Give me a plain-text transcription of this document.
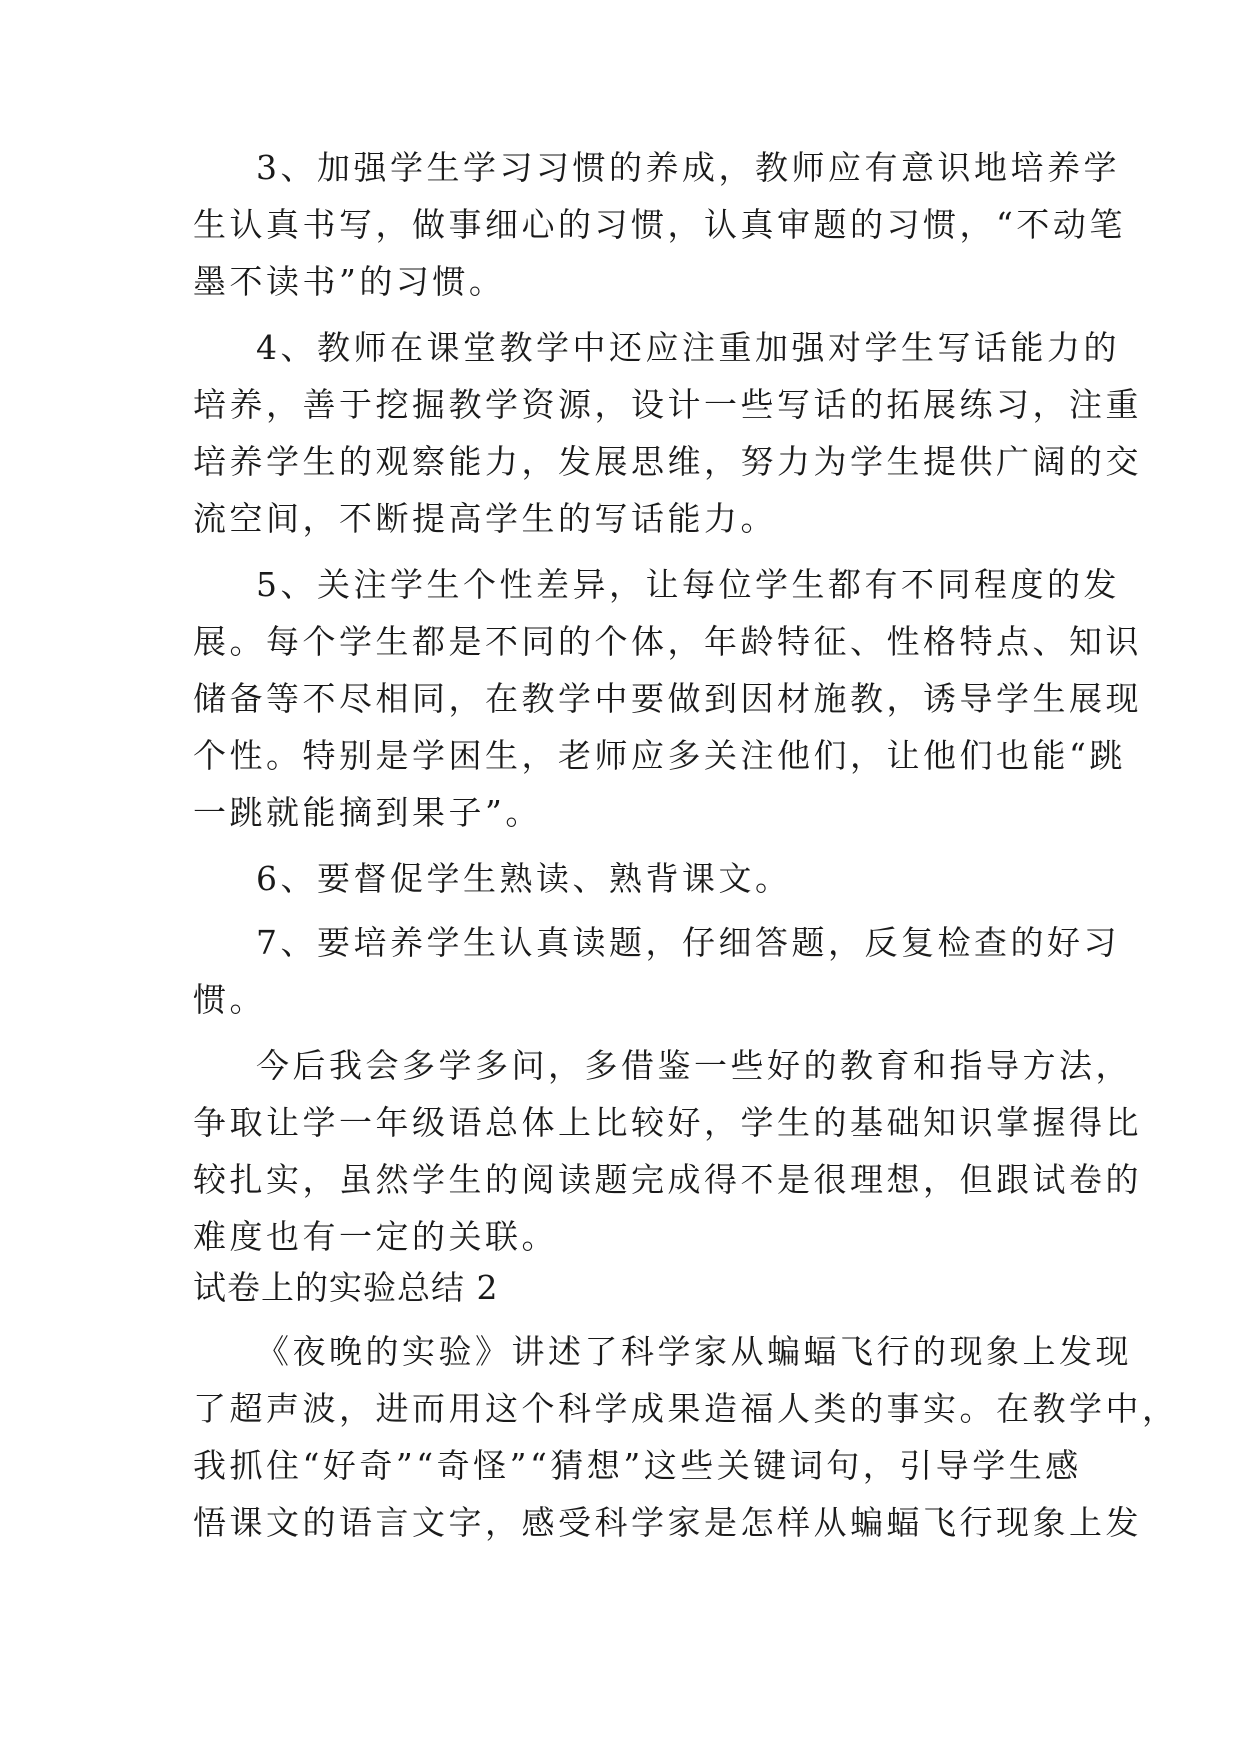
3、加强学生学习习惯的养成，教师应有意识地培养学
生认真书写，做事细心的习惯，认真审题的习惯，“不动笔
墨不读书”的习惯。
4、教师在课堂教学中还应注重加强对学生写话能力的
培养，善于挖掘教学资源，设计一些写话的拓展练习，注重
培养学生的观察能力，发展思维，努力为学生提供广阔的交
流空间，不断提高学生的写话能力。
5、关注学生个性差异，让每位学生都有不同程度的发
展。每个学生都是不同的个体，年龄特征、性格特点、知识
储备等不尽相同，在教学中要做到因材施教，诱导学生展现
个性。特别是学困生，老师应多关注他们，让他们也能“跳
一跳就能摘到果子”。
6、要督促学生熟读、熟背课文。
7、要培养学生认真读题，仔细答题，反复检查的好习
惯。
今后我会多学多问，多借鉴一些好的教育和指导方法，
争取让学一年级语总体上比较好，学生的基础知识掌握得比
较扎实，虽然学生的阅读题完成得不是很理想，但跟试卷的
难度也有一定的关联。
试卷上的实验总结 2
《夜晚的实验》讲述了科学家从蝙蝠飞行的现象上发现
了超声波，进而用这个科学成果造福人类的事实。在教学中，
我抓住“好奇”“奇怪”“猜想”这些关键词句，引导学生感
悟课文的语言文字，感受科学家是怎样从蝙蝠飞行现象上发
